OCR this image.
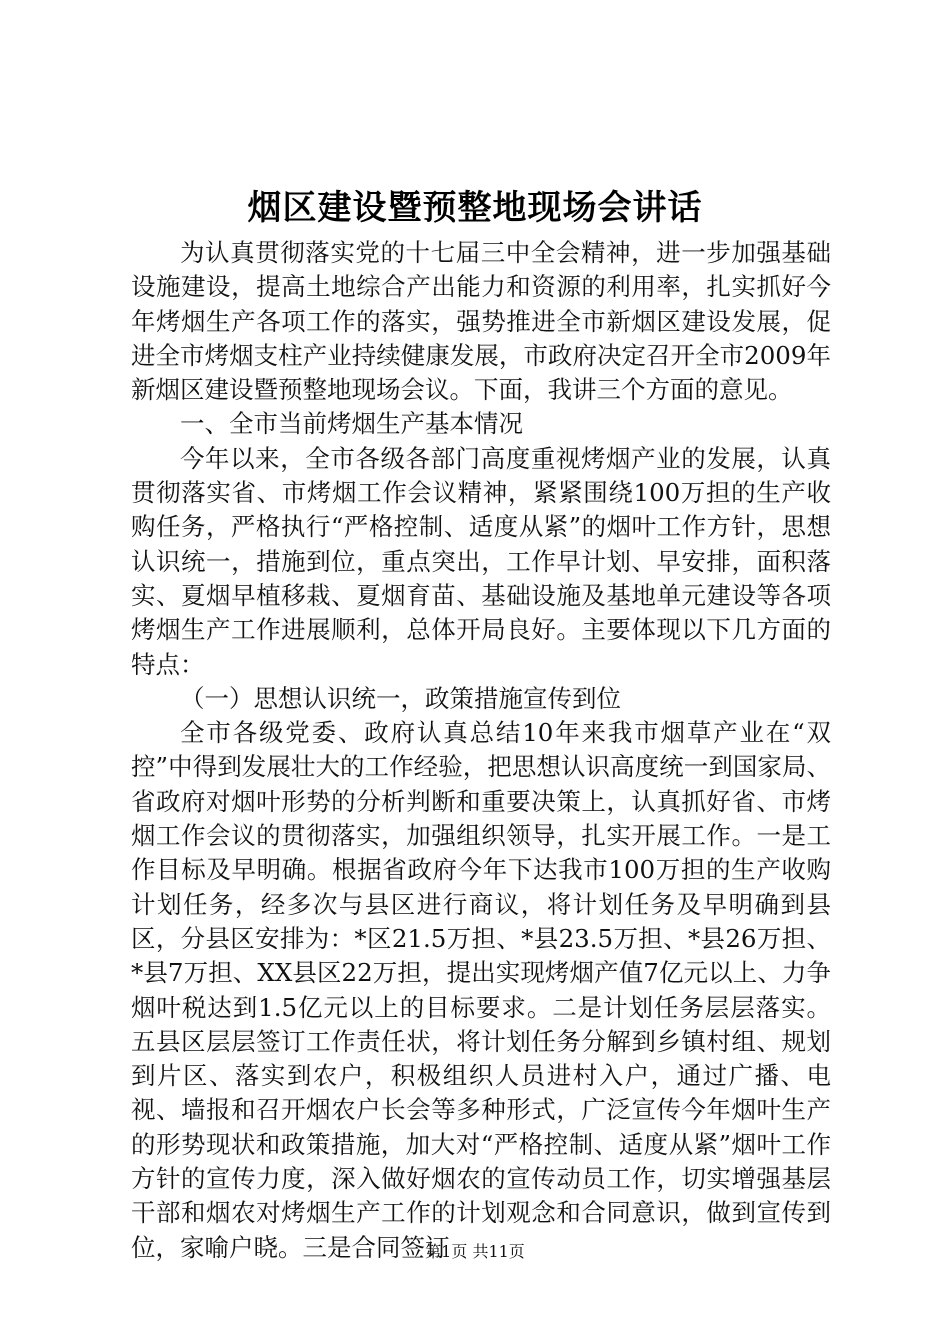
烟区建设暨预整地现场会讲话

为认真贯彻落实党的十七届三中全会精神，进一步加强基础设施建设，提高土地综合产出能力和资源的利用率，扎实抓好今年烤烟生产各项工作的落实，强势推进全市新烟区建设发展，促进全市烤烟支柱产业持续健康发展，市政府决定召开全市2009年新烟区建设暨预整地现场会议。下面，我讲三个方面的意见。

一、全市当前烤烟生产基本情况

今年以来，全市各级各部门高度重视烤烟产业的发展，认真贯彻落实省、市烤烟工作会议精神，紧紧围绕100万担的生产收购任务，严格执行“严格控制、适度从紧”的烟叶工作方针，思想认识统一，措施到位，重点突出，工作早计划、早安排，面积落实、夏烟早植移栽、夏烟育苗、基础设施及基地单元建设等各项烤烟生产工作进展顺利，总体开局良好。主要体现以下几方面的特点：

（一）思想认识统一，政策措施宣传到位

全市各级党委、政府认真总结10年来我市烟草产业在“双控”中得到发展壮大的工作经验，把思想认识高度统一到国家局、省政府对烟叶形势的分析判断和重要决策上，认真抓好省、市烤烟工作会议的贯彻落实，加强组织领导，扎实开展工作。一是工作目标及早明确。根据省政府今年下达我市100万担的生产收购计划任务，经多次与县区进行商议，将计划任务及早明确到县区，分县区安排为：*区21.5万担、*县23.5万担、*县26万担、*县7万担、XX县区22万担，提出实现烤烟产值7亿元以上、力争烟叶税达到1.5亿元以上的目标要求。二是计划任务层层落实。五县区层层签订工作责任状，将计划任务分解到乡镇村组、规划到片区、落实到农户，积极组织人员进村入户，通过广播、电视、墙报和召开烟农户长会等多种形式，广泛宣传今年烟叶生产的形势现状和政策措施，加大对“严格控制、适度从紧”烟叶工作方针的宣传力度，深入做好烟农的宣传动员工作，切实增强基层干部和烟农对烤烟生产工作的计划观念和合同意识，做到宣传到位，家喻户晓。三是合同签订

第1页 共11页
